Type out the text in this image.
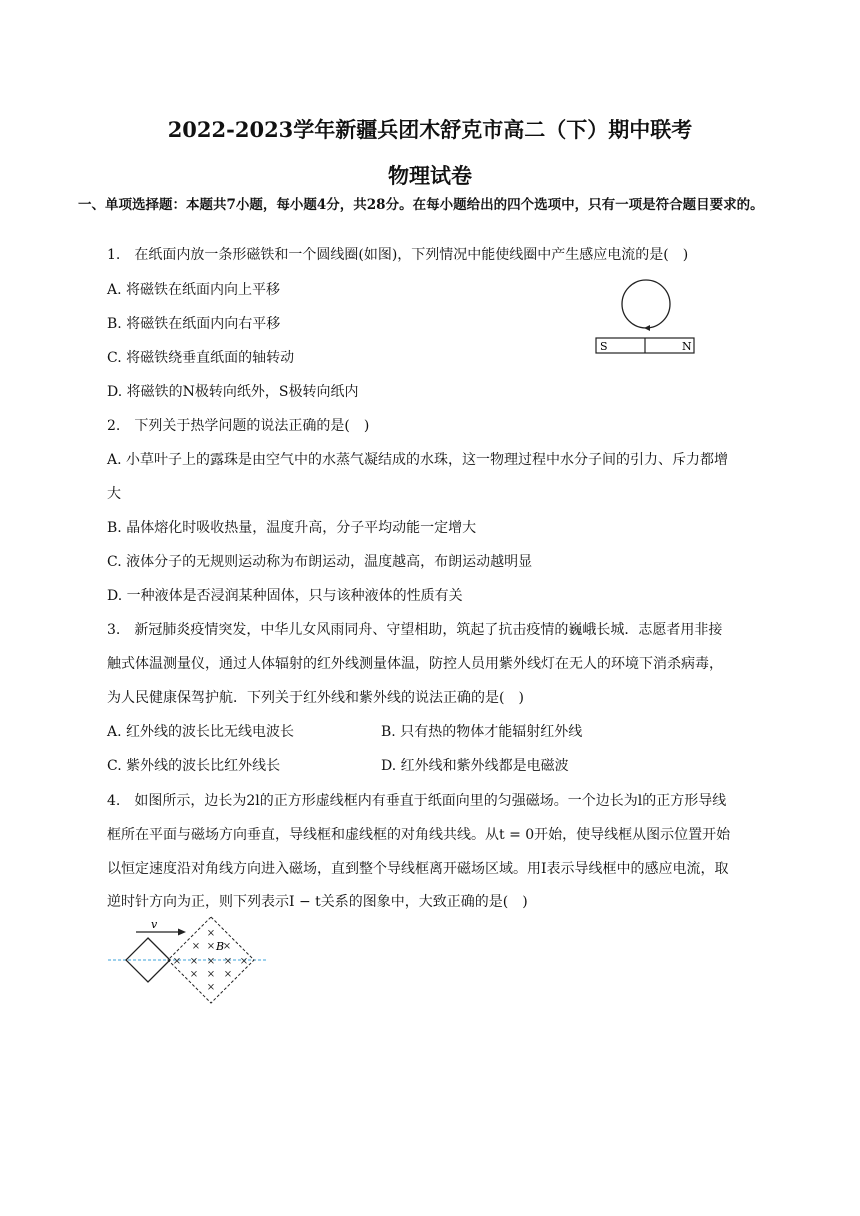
2022-2023学年新疆兵团木舒克市高二（下）期中联考
物理试卷
一、单项选择题：本题共7小题，每小题4分，共28分。在每小题给出的四个选项中，只有一项是符合题目要求的。
1.　在纸面内放一条形磁铁和一个圆线圈(如图)，下列情况中能使线圈中产生感应电流的是(　)
A. 将磁铁在纸面内向上平移
B. 将磁铁在纸面内向右平移
C. 将磁铁绕垂直纸面的轴转动
D. 将磁铁的N极转向纸外，S极转向纸内
S	N
2.　下列关于热学问题的说法正确的是(　)
A. 小草叶子上的露珠是由空气中的水蒸气凝结成的水珠，这一物理过程中水分子间的引力、斥力都增
大
B. 晶体熔化时吸收热量，温度升高，分子平均动能一定增大
C. 液体分子的无规则运动称为布朗运动，温度越高，布朗运动越明显
D. 一种液体是否浸润某种固体，只与该种液体的性质有关
3.　新冠肺炎疫情突发，中华儿女风雨同舟、守望相助，筑起了抗击疫情的巍峨长城．志愿者用非接
触式体温测量仪，通过人体辐射的红外线测量体温，防控人员用紫外线灯在无人的环境下消杀病毒，
为人民健康保驾护航．下列关于红外线和紫外线的说法正确的是(　)
A. 红外线的波长比无线电波长	B. 只有热的物体才能辐射红外线
C. 紫外线的波长比红外线长	D. 红外线和紫外线都是电磁波
4.　如图所示，边长为2l的正方形虚线框内有垂直于纸面向里的匀强磁场。一个边长为l的正方形导线
框所在平面与磁场方向垂直，导线框和虚线框的对角线共线。从t = 0开始，使导线框从图示位置开始
以恒定速度沿对角线方向进入磁场，直到整个导线框离开磁场区域。用I表示导线框中的感应电流，取
逆时针方向为正，则下列表示I − t关系的图象中，大致正确的是(　)
v
B
×
× × ×
× × × × ×
× × ×
×
